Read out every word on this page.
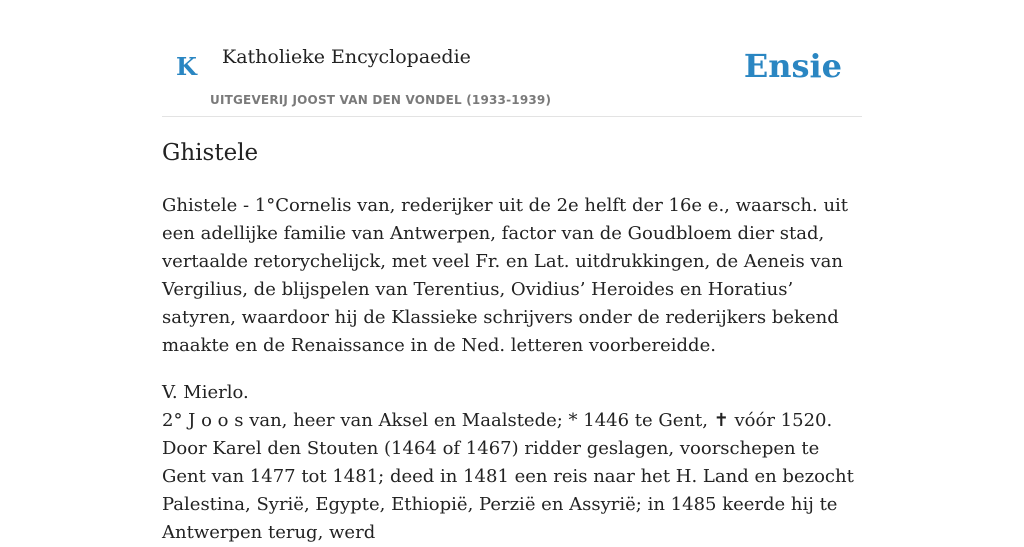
K Katholieke Encyclopaedie
UITGEVERIJ JOOST VAN DEN VONDEL (1933-1939)
Ensie
Ghistele

Ghistele - 1°Cornelis van, rederijker uit de 2e helft der 16e e., waarsch. uit een adellijke familie van Antwerpen, factor van de Goudbloem dier stad, vertaalde retorychelijck, met veel Fr. en Lat. uitdrukkingen, de Aeneis van Vergilius, de blijspelen van Terentius, Ovidius’ Heroides en Horatius’ satyren, waardoor hij de Klassieke schrijvers onder de rederijkers bekend maakte en de Renaissance in de Ned. letteren voorbereidde.

V. Mierlo.

2° J o o s van, heer van Aksel en Maalstede; * 1446 te Gent, ✝ vóór 1520. Door Karel den Stouten (1464 of 1467) ridder geslagen, voorschepen te Gent van 1477 tot 1481; deed in 1481 een reis naar het H. Land en bezocht Palestina, Syrië, Egypte, Ethiopië, Perzië en Assyrië; in 1485 keerde hij te Antwerpen terug, werd
